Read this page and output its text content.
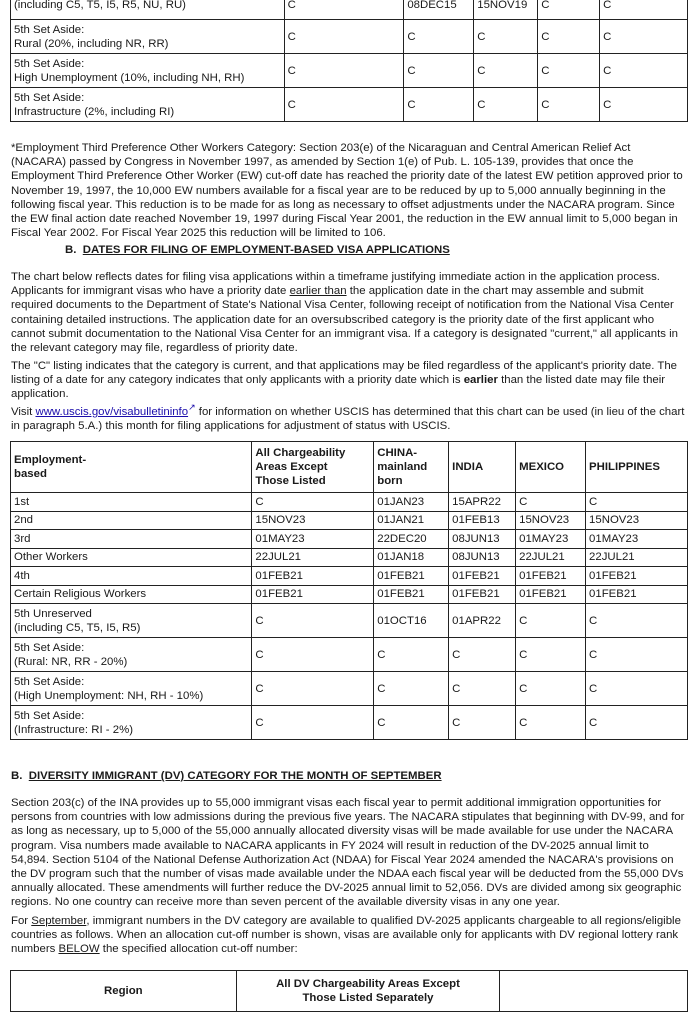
(including C5, T5, I5, R5, NU, RU)	C	08DEC15	15NOV19	C	C

5th Set Aside:
Rural (20%, including NR, RR)	C	C	C	C	C

5th Set Aside:
High Unemployment (10%, including NH, RH)	C	C	C	C	C

5th Set Aside:
Infrastructure (2%, including RI)	C	C	C	C	C

*Employment Third Preference Other Workers Category: Section 203(e) of the Nicaraguan and Central American Relief Act (NACARA) passed by Congress in November 1997, as amended by Section 1(e) of Pub. L. 105-139, provides that once the Employment Third Preference Other Worker (EW) cut-off date has reached the priority date of the latest EW petition approved prior to November 19, 1997, the 10,000 EW numbers available for a fiscal year are to be reduced by up to 5,000 annually beginning in the following fiscal year. This reduction is to be made for as long as necessary to offset adjustments under the NACARA program. Since the EW final action date reached November 19, 1997 during Fiscal Year 2001, the reduction in the EW annual limit to 5,000 began in Fiscal Year 2002. For Fiscal Year 2025 this reduction will be limited to 106.

B. DATES FOR FILING OF EMPLOYMENT-BASED VISA APPLICATIONS

The chart below reflects dates for filing visa applications within a timeframe justifying immediate action in the application process. Applicants for immigrant visas who have a priority date earlier than the application date in the chart may assemble and submit required documents to the Department of State's National Visa Center, following receipt of notification from the National Visa Center containing detailed instructions. The application date for an oversubscribed category is the priority date of the first applicant who cannot submit documentation to the National Visa Center for an immigrant visa. If a category is designated "current," all applicants in the relevant category may file, regardless of priority date.

The "C" listing indicates that the category is current, and that applications may be filed regardless of the applicant's priority date. The listing of a date for any category indicates that only applicants with a priority date which is earlier than the listed date may file their application.

Visit www.uscis.gov/visabulletininfo↗ for information on whether USCIS has determined that this chart can be used (in lieu of the chart in paragraph 5.A.) this month for filing applications for adjustment of status with USCIS.

Employment-
based	All Chargeability
Areas Except
Those Listed	CHINA-
mainland
born	INDIA	MEXICO	PHILIPPINES
1st	C	01JAN23	15APR22	C	C
2nd	15NOV23	01JAN21	01FEB13	15NOV23	15NOV23
3rd	01MAY23	22DEC20	08JUN13	01MAY23	01MAY23
Other Workers	22JUL21	01JAN18	08JUN13	22JUL21	22JUL21
4th	01FEB21	01FEB21	01FEB21	01FEB21	01FEB21
Certain Religious Workers	01FEB21	01FEB21	01FEB21	01FEB21	01FEB21

5th Unreserved
(including C5, T5, I5, R5)	C	01OCT16	01APR22	C	C

5th Set Aside:
(Rural: NR, RR - 20%)	C	C	C	C	C

5th Set Aside:
(High Unemployment: NH, RH - 10%)	C	C	C	C	C

5th Set Aside:
(Infrastructure: RI - 2%)	C	C	C	C	C
B. DIVERSITY IMMIGRANT (DV) CATEGORY FOR THE MONTH OF SEPTEMBER

Section 203(c) of the INA provides up to 55,000 immigrant visas each fiscal year to permit additional immigration opportunities for persons from countries with low admissions during the previous five years. The NACARA stipulates that beginning with DV-99, and for as long as necessary, up to 5,000 of the 55,000 annually allocated diversity visas will be made available for use under the NACARA program. Visa numbers made available to NACARA applicants in FY 2024 will result in reduction of the DV-2025 annual limit to 54,894. Section 5104 of the National Defense Authorization Act (NDAA) for Fiscal Year 2024 amended the NACARA's provisions on the DV program such that the number of visas made available under the NDAA each fiscal year will be deducted from the 55,000 DVs annually allocated. These amendments will further reduce the DV-2025 annual limit to 52,056. DVs are divided among six geographic regions. No one country can receive more than seven percent of the available diversity visas in any one year.

For September, immigrant numbers in the DV category are available to qualified DV-2025 applicants chargeable to all regions/eligible countries as follows. When an allocation cut-off number is shown, visas are available only for applicants with DV regional lottery rank numbers BELOW the specified allocation cut-off number:

Region	All DV Chargeability Areas Except
Those Listed Separately	
